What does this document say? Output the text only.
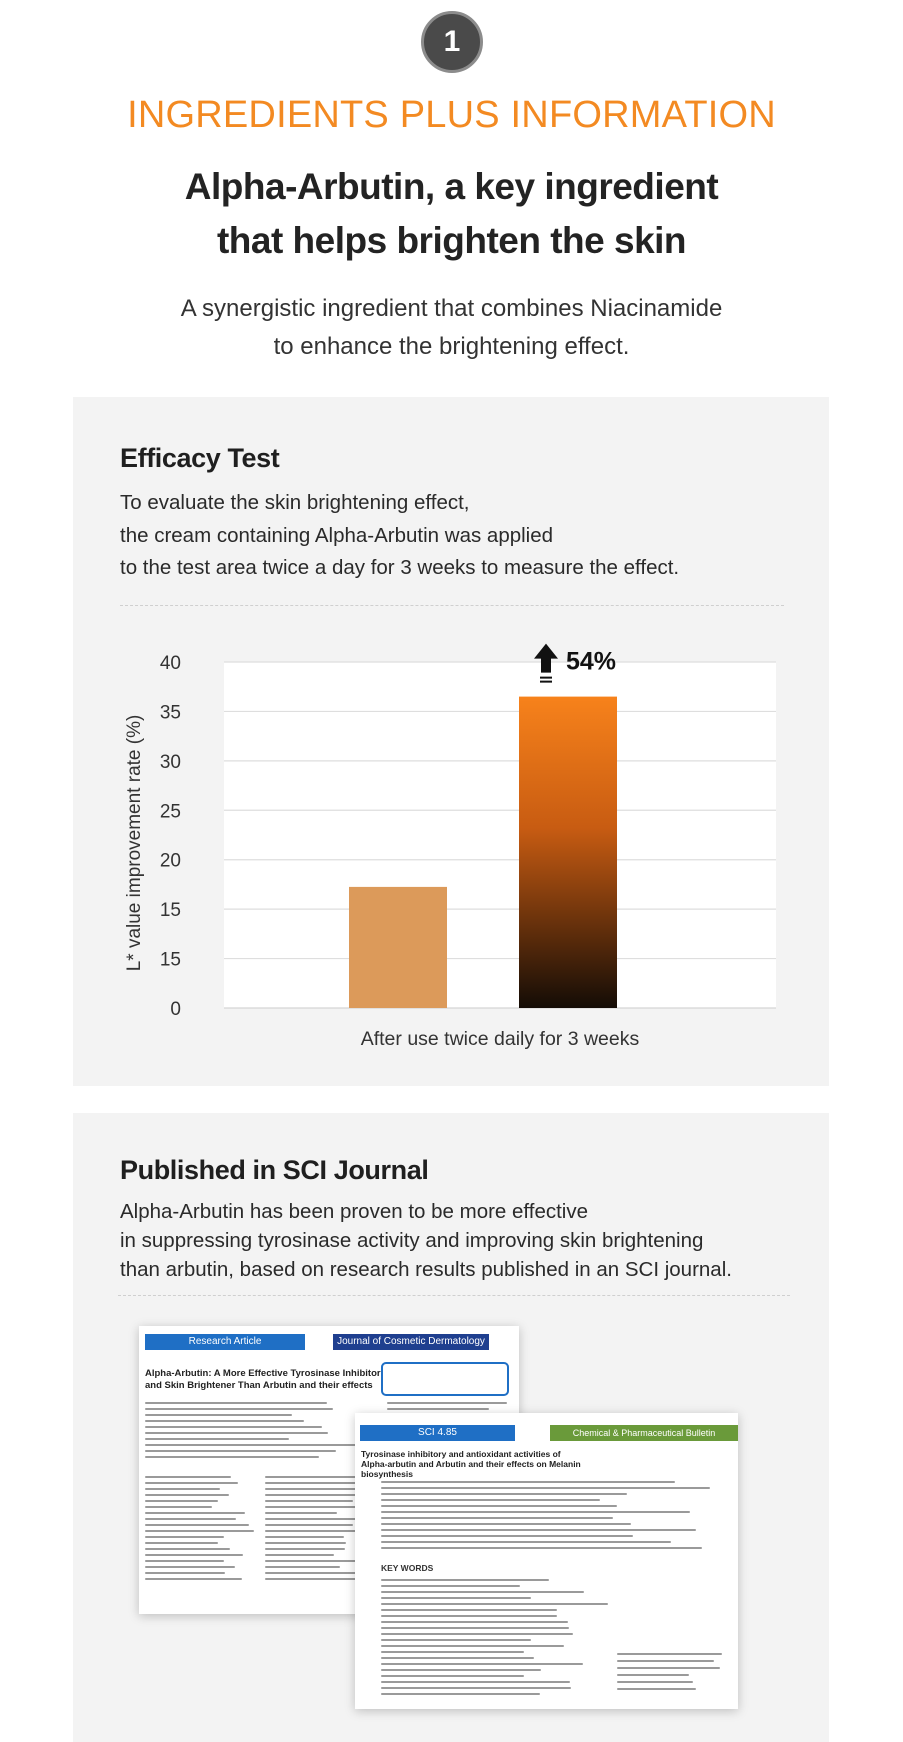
1
INGREDIENTS PLUS INFORMATION
Alpha-Arbutin, a key ingredient
that helps brighten the skin
A synergistic ingredient that combines Niacinamide
to enhance the brightening effect.
Efficacy Test
To evaluate the skin brightening effect,
the cream containing Alpha-Arbutin was applied
to the test area twice a day for 3 weeks to measure the effect.
0
15
15
20
25
30
35
40	54%
L* value improvement rate (%)
After use twice daily for 3 weeks
Published in SCI Journal
Alpha-Arbutin has been proven to be more effective
in suppressing tyrosinase activity and improving skin brightening
than arbutin, based on research results published in an SCI journal.
Research Article	Journal of Cosmetic Dermatology
Alpha-Arbutin: A More Effective Tyrosinase Inhibitor and Skin Brightener Than Arbutin and their effects
SCI 4.85	Chemical & Pharmaceutical Bulletin
Tyrosinase inhibitory and antioxidant activities of Alpha-arbutin and Arbutin and their effects on Melanin biosynthesis
KEY WORDS
